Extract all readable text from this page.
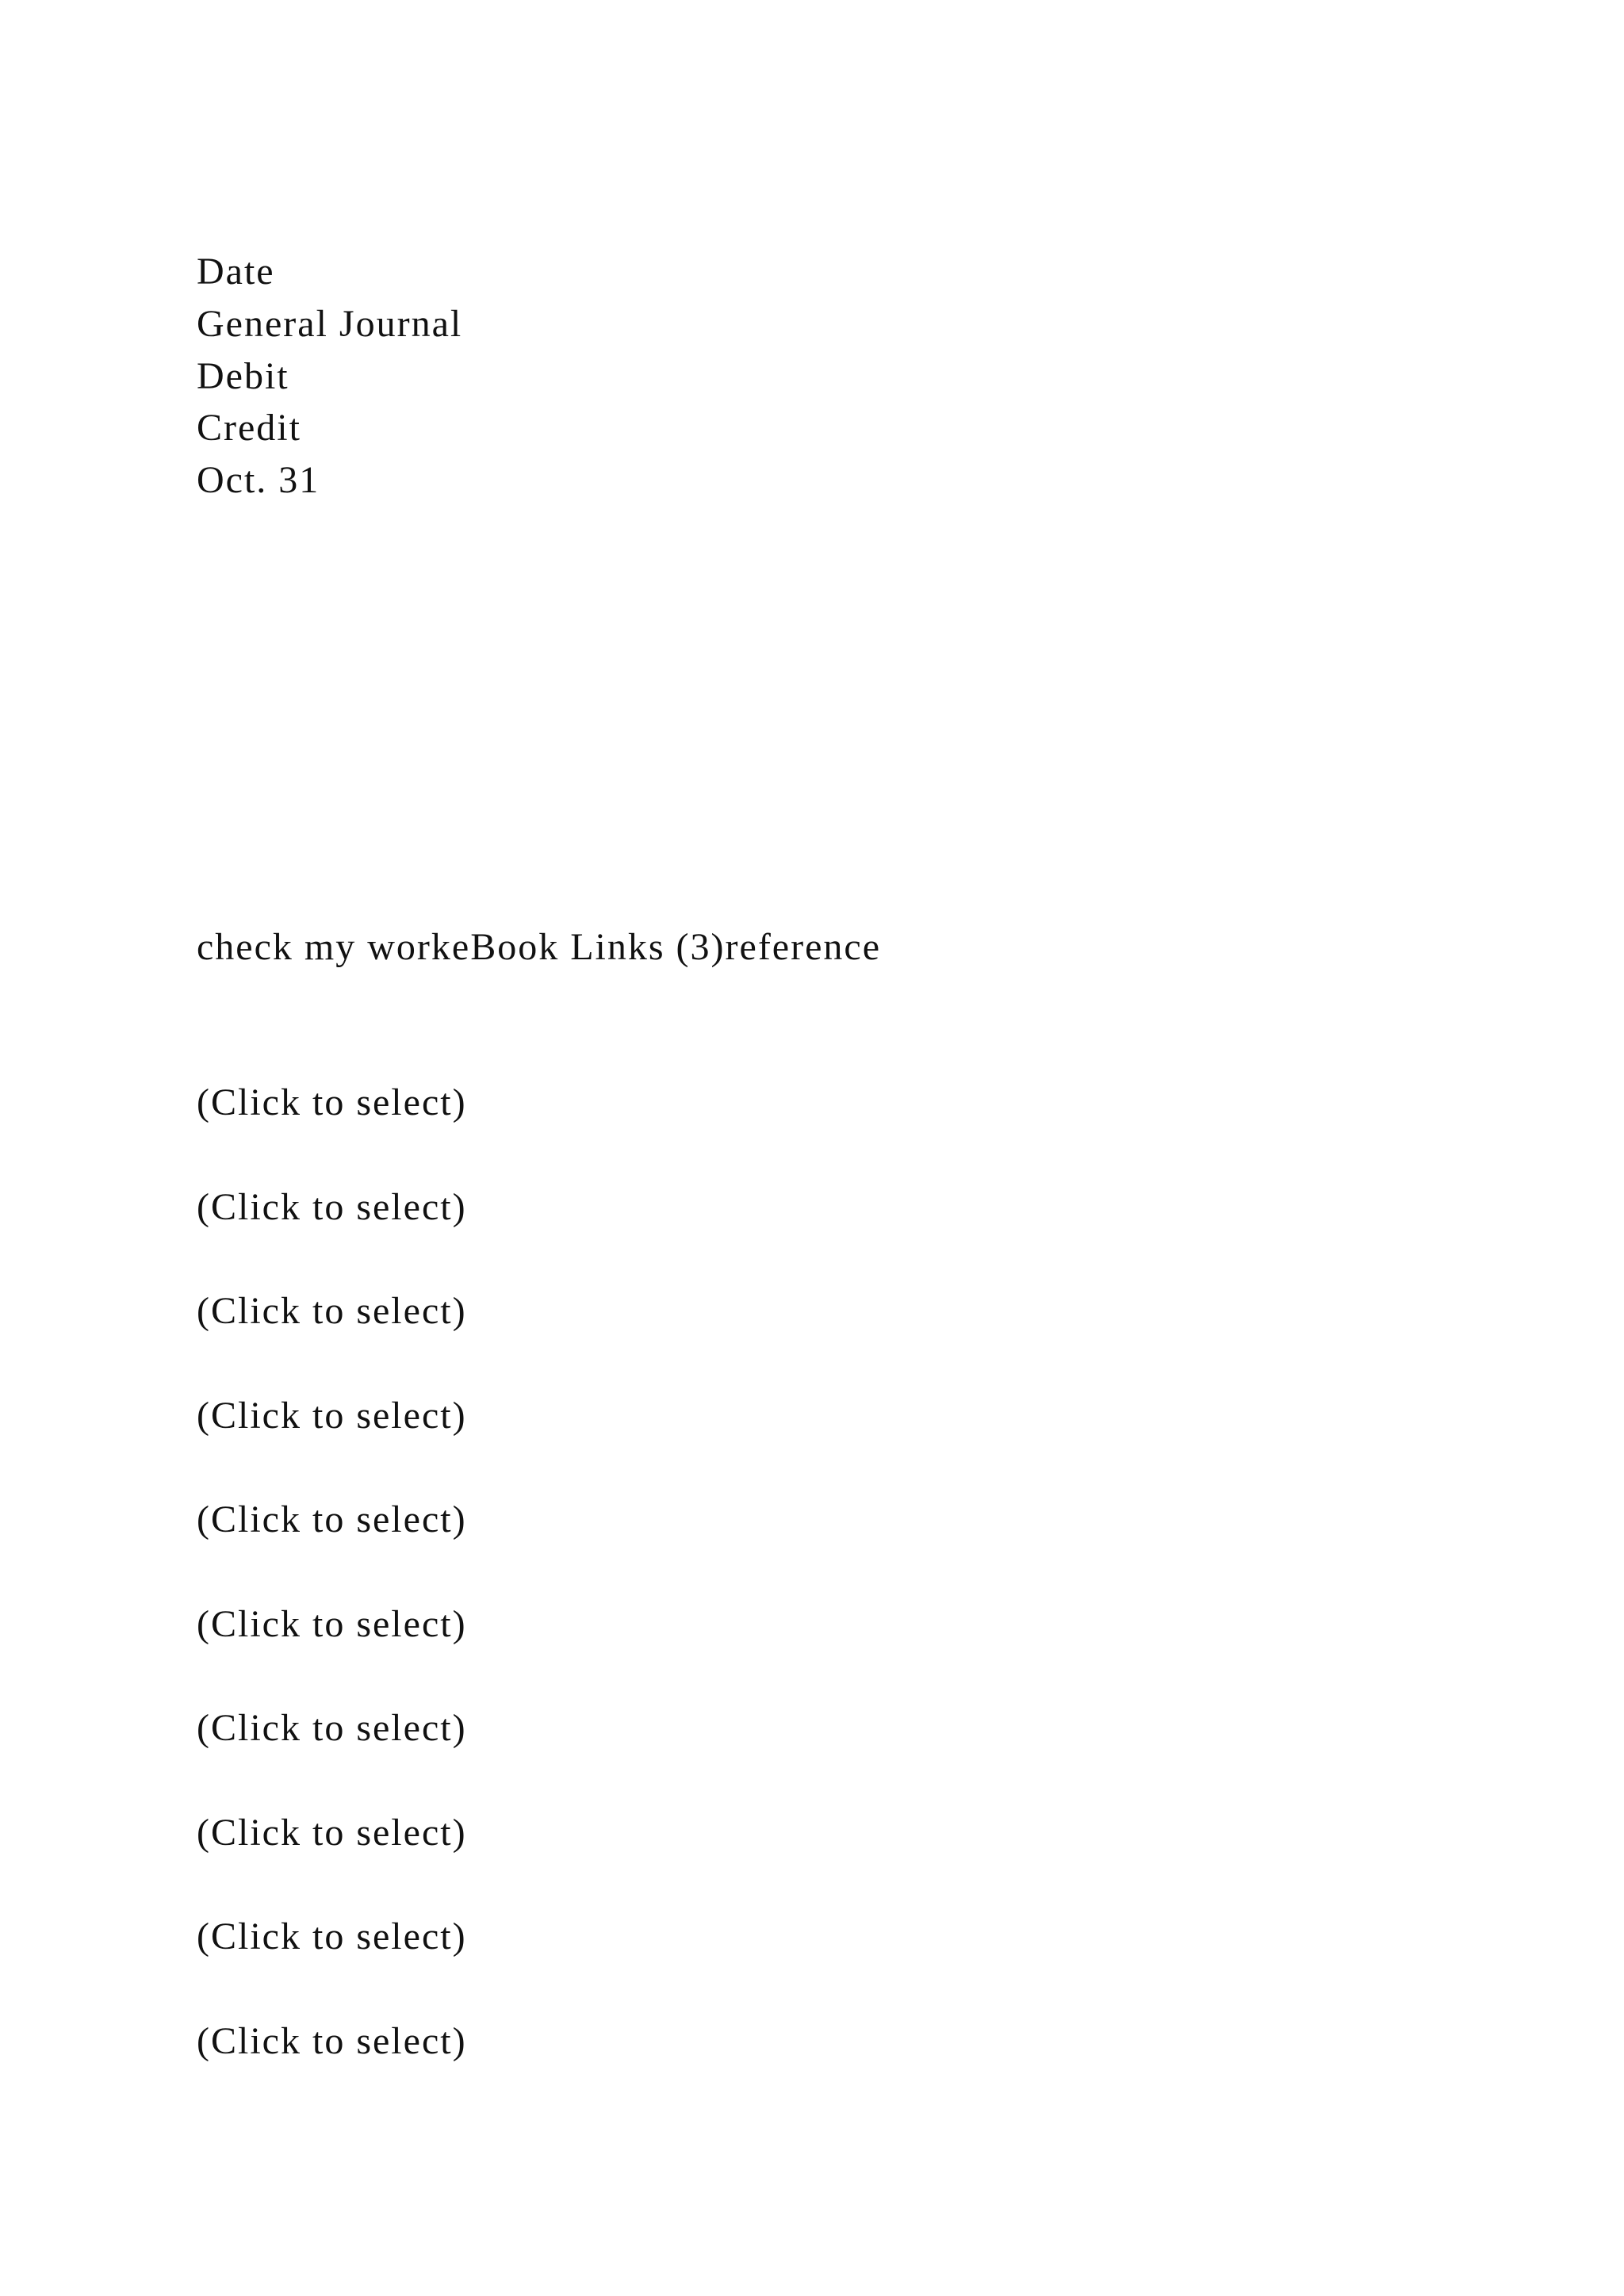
Date
General Journal
Debit
Credit
Oct. 31
check my workeBook Links (3)reference
(Click to select)
(Click to select)
(Click to select)
(Click to select)
(Click to select)
(Click to select)
(Click to select)
(Click to select)
(Click to select)
(Click to select)
